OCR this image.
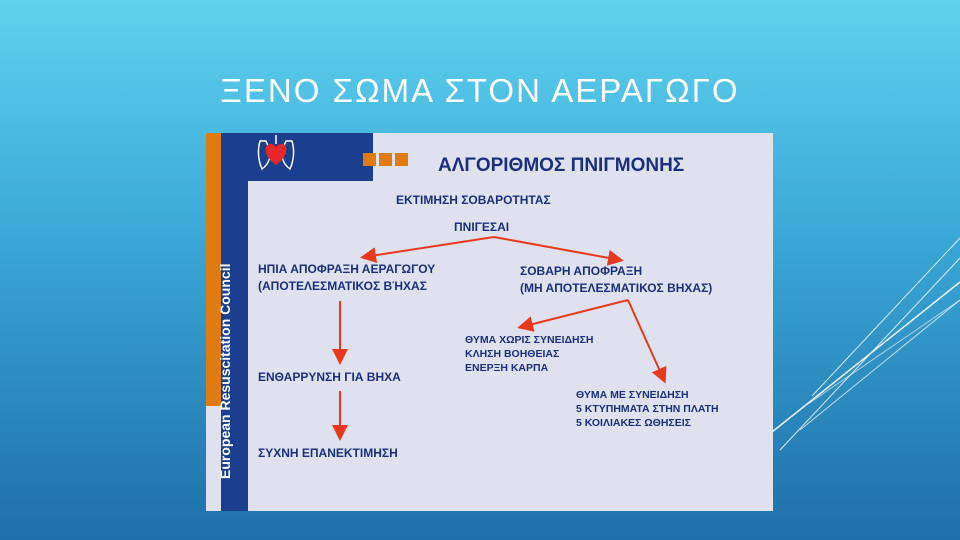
ΞΕΝΟ ΣΩΜΑ ΣΤΟΝ ΑΕΡΑΓΩΓΟ
European Resuscitation Council
ΑΛΓΟΡΙΘΜΟΣ ΠΝΙΓΜΟΝΗΣ
ΕΚΤΙΜΗΣΗ ΣΟΒΑΡΟΤΗΤΑΣ
ΠΝΙΓΕΣΑΙ
ΗΠΙΑ ΑΠΟΦΡΑΞΗ ΑΕΡΑΓΩΓΟΥ
(ΑΠΟΤΕΛΕΣΜΑΤΙΚΟΣ ΒΉΧΑΣ
ΣΟΒΑΡΗ ΑΠΟΦΡΑΞΗ
(ΜΗ ΑΠΟΤΕΛΕΣΜΑΤΙΚΟΣ ΒΗΧΑΣ)
ΘΥΜΑ ΧΩΡΙΣ ΣΥΝΕΙΔΗΣΗ
ΚΛΗΣΗ ΒΟΗΘΕΙΑΣ
ΕΝΕΡΞΗ ΚΑΡΠΑ
ΘΥΜΑ ΜΕ ΣΥΝΕΙΔΗΣΗ
5 ΚΤΥΠΗΜΑΤΑ ΣΤΗΝ ΠΛΑΤΗ
5 ΚΟΙΛΙΑΚΕΣ ΩΘΗΣΕΙΣ
ΕΝΘΑΡΡΥΝΣΗ ΓΙΑ ΒΗΧΑ
ΣΥΧΝΗ ΕΠΑΝΕΚΤΙΜΗΣΗ
